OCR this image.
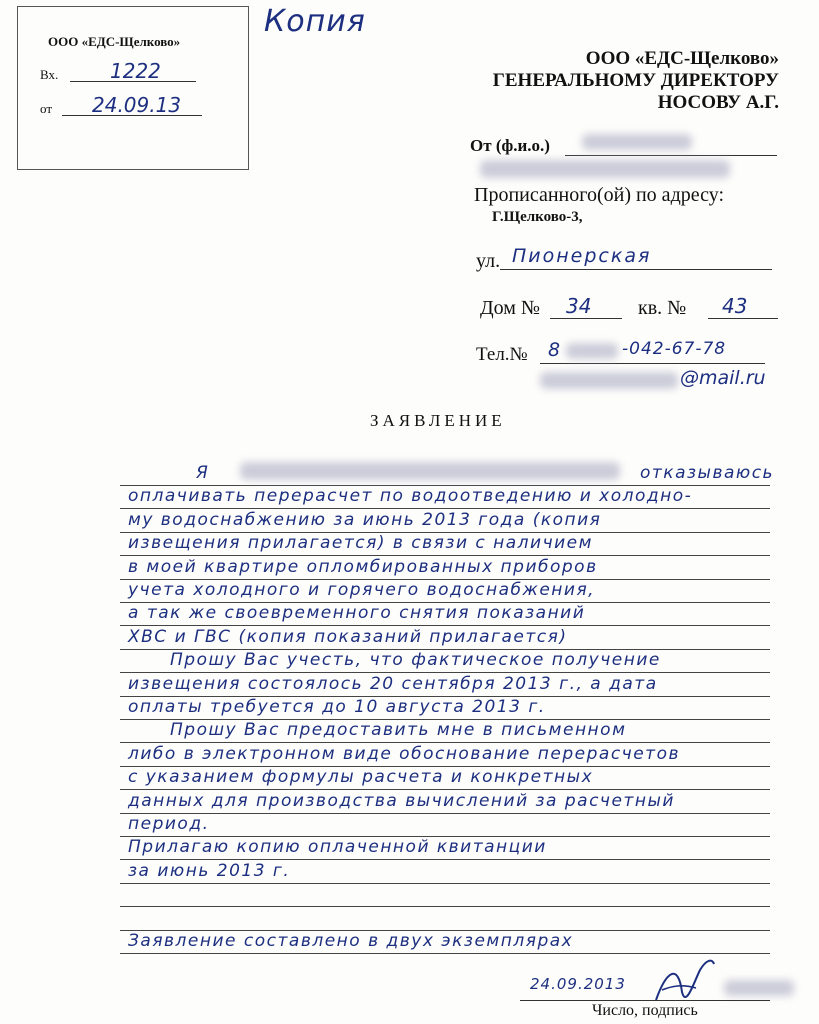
Копия
ООО «ЕДС-Щелково»
Вх.	1222
от 24.09.13
ООО «ЕДС-Щелково»
ГЕНЕРАЛЬНОМУ ДИРЕКТОРУ
НОСОВУ А.Г.
От (ф.и.о.)
Прописанного(ой) по адресу:
Г.Щелково-3,
ул. Пионерская
Дом № 34 кв. № 43
Тел.№ 8	-042-67-78
@mail.ru
ЗАЯВЛЕНИЕ
Я	отказываюсь
оплачивать перерасчет по водоотведению и холодно-
му водоснабжению за июнь 2013 года (копия
извещения прилагается) в связи с наличием
в моей квартире опломбированных приборов
учета холодного и горячего водоснабжения,
а так же своевременного снятия показаний
ХВС и ГВС (копия показаний прилагается)
Прошу Вас учесть, что фактическое получение
извещения состоялось 20 сентября 2013 г., а дата
оплаты требуется до 10 августа 2013 г.
Прошу Вас предоставить мне в письменном
либо в электронном виде обоснование перерасчетов
с указанием формулы расчета и конкретных
данных для производства вычислений за расчетный
период.
Прилагаю копию оплаченной квитанции
за июнь 2013 г.
Заявление составлено в двух экземплярах
24.09.2013
Число, подпись
